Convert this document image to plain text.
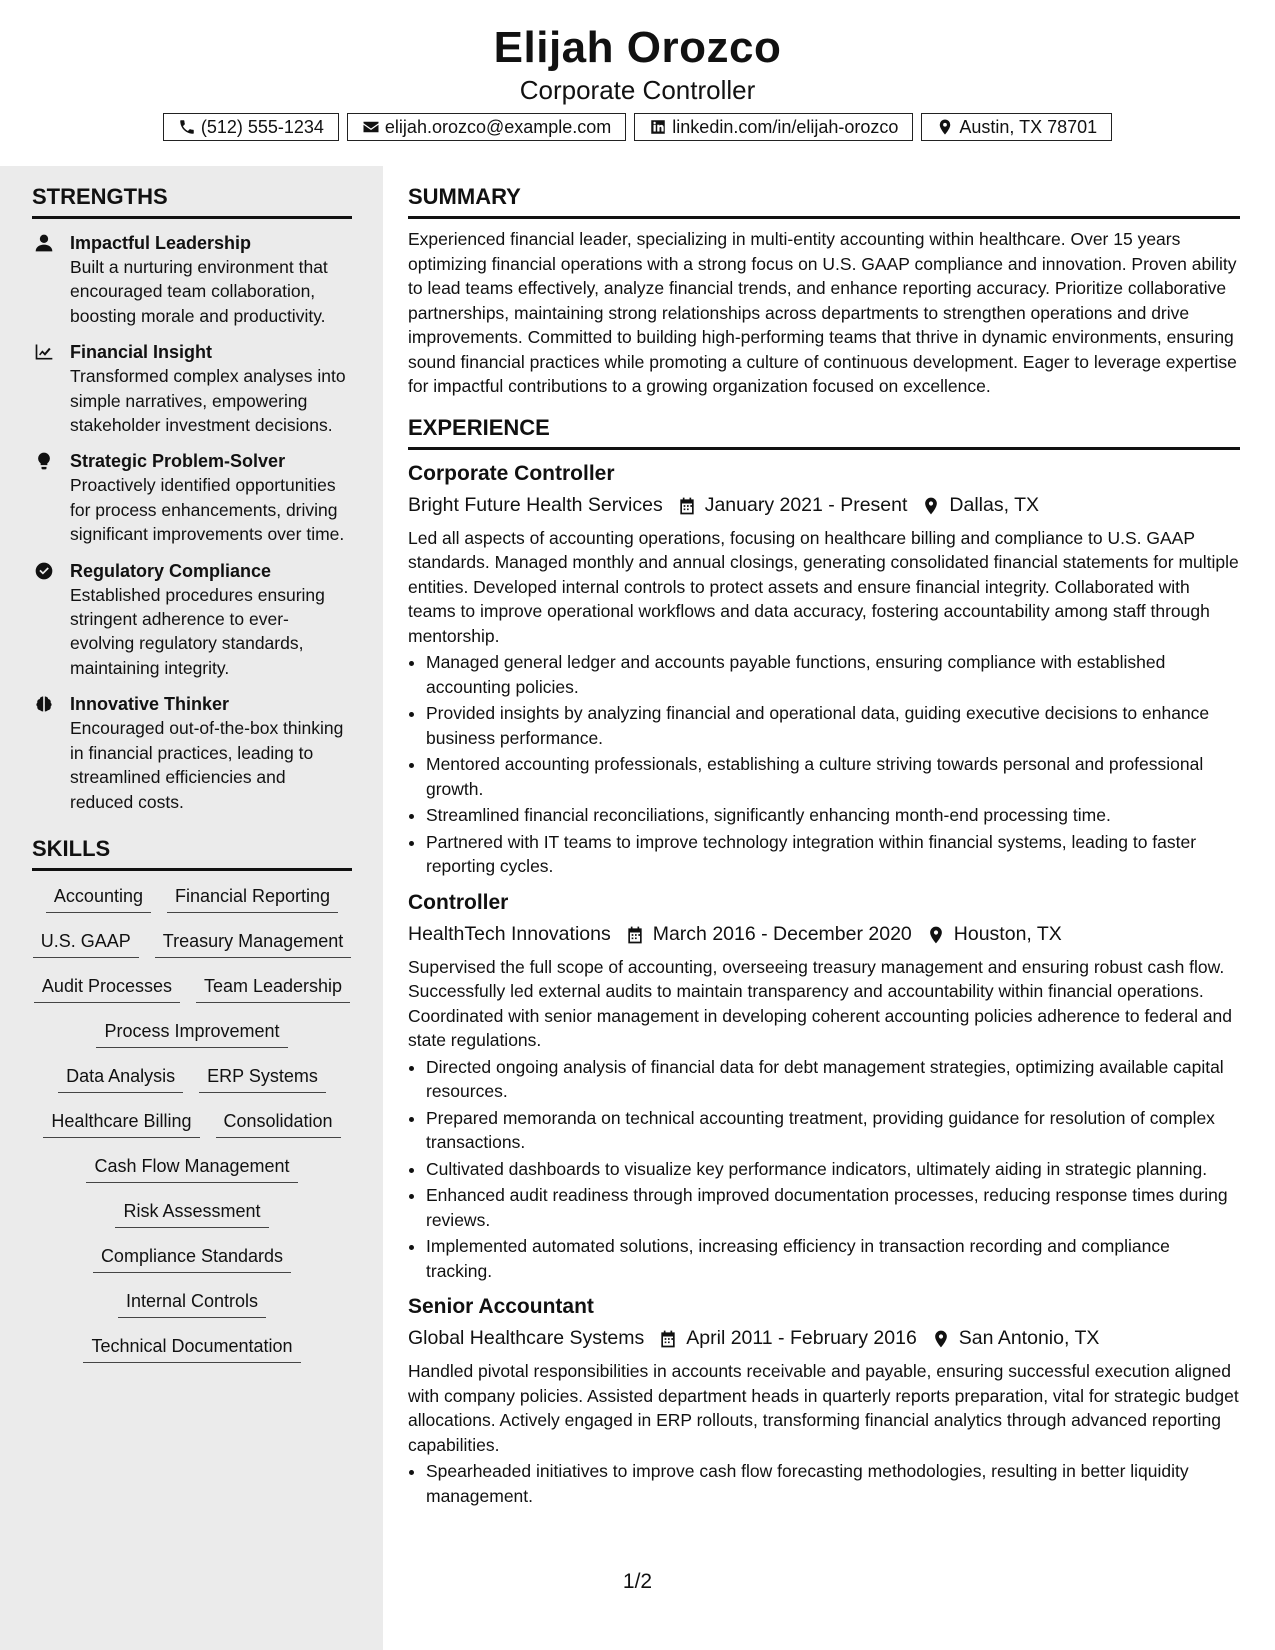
Elijah Orozco
Corporate Controller
(512) 555-1234	elijah.orozco@example.com	linkedin.com/in/elijah-orozco	Austin, TX 78701
STRENGTHS
Impactful Leadership
Built a nurturing environment that encouraged team collaboration, boosting morale and productivity.
Financial Insight
Transformed complex analyses into simple narratives, empowering stakeholder investment decisions.
Strategic Problem-Solver
Proactively identified opportunities for process enhancements, driving significant improvements over time.
Regulatory Compliance
Established procedures ensuring stringent adherence to ever-evolving regulatory standards, maintaining integrity.
Innovative Thinker
Encouraged out-of-the-box thinking in financial practices, leading to streamlined efficiencies and reduced costs.
SKILLS
Accounting	Financial Reporting
U.S. GAAP	Treasury Management
Audit Processes	Team Leadership
Process Improvement
Data Analysis	ERP Systems
Healthcare Billing	Consolidation
Cash Flow Management
Risk Assessment
Compliance Standards
Internal Controls
Technical Documentation
SUMMARY
Experienced financial leader, specializing in multi-entity accounting within healthcare. Over 15 years optimizing financial operations with a strong focus on U.S. GAAP compliance and innovation. Proven ability to lead teams effectively, analyze financial trends, and enhance reporting accuracy. Prioritize collaborative partnerships, maintaining strong relationships across departments to strengthen operations and drive improvements. Committed to building high-performing teams that thrive in dynamic environments, ensuring sound financial practices while promoting a culture of continuous development. Eager to leverage expertise for impactful contributions to a growing organization focused on excellence.
EXPERIENCE
Corporate Controller
Bright Future Health Services January 2021 - Present Dallas, TX
Led all aspects of accounting operations, focusing on healthcare billing and compliance to U.S. GAAP standards. Managed monthly and annual closings, generating consolidated financial statements for multiple entities. Developed internal controls to protect assets and ensure financial integrity. Collaborated with teams to improve operational workflows and data accuracy, fostering accountability among staff through mentorship.
• Managed general ledger and accounts payable functions, ensuring compliance with established accounting policies.
• Provided insights by analyzing financial and operational data, guiding executive decisions to enhance business performance.
• Mentored accounting professionals, establishing a culture striving towards personal and professional growth.
• Streamlined financial reconciliations, significantly enhancing month-end processing time.
• Partnered with IT teams to improve technology integration within financial systems, leading to faster reporting cycles.
Controller
HealthTech Innovations March 2016 - December 2020 Houston, TX
Supervised the full scope of accounting, overseeing treasury management and ensuring robust cash flow. Successfully led external audits to maintain transparency and accountability within financial operations. Coordinated with senior management in developing coherent accounting policies adherence to federal and state regulations.
• Directed ongoing analysis of financial data for debt management strategies, optimizing available capital resources.
• Prepared memoranda on technical accounting treatment, providing guidance for resolution of complex transactions.
• Cultivated dashboards to visualize key performance indicators, ultimately aiding in strategic planning.
• Enhanced audit readiness through improved documentation processes, reducing response times during reviews.
• Implemented automated solutions, increasing efficiency in transaction recording and compliance tracking.
Senior Accountant
Global Healthcare Systems April 2011 - February 2016 San Antonio, TX
Handled pivotal responsibilities in accounts receivable and payable, ensuring successful execution aligned with company policies. Assisted department heads in quarterly reports preparation, vital for strategic budget allocations. Actively engaged in ERP rollouts, transforming financial analytics through advanced reporting capabilities.
• Spearheaded initiatives to improve cash flow forecasting methodologies, resulting in better liquidity management.
1/2
